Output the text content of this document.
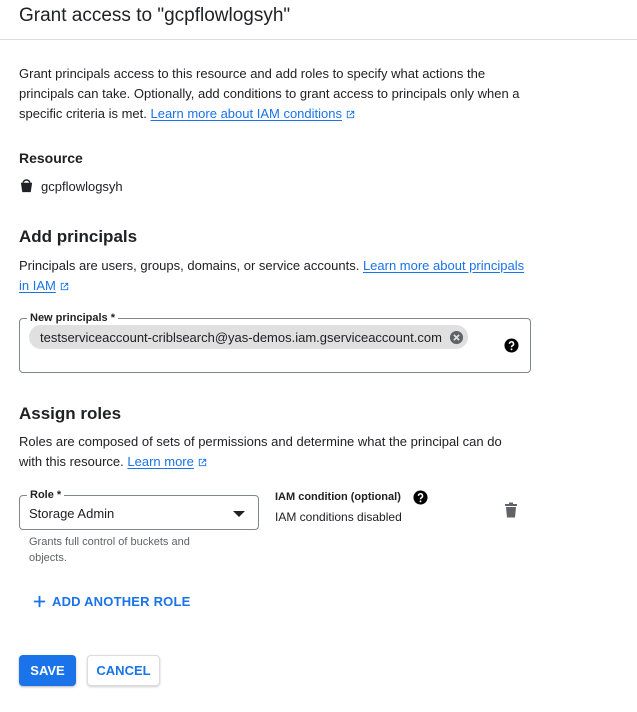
Grant access to "gcpflowlogsyh"
Grant principals access to this resource and add roles to specify what actions the principals can take. Optionally, add conditions to grant access to principals only when a specific criteria is met. Learn more about IAM conditions
Resource
gcpflowlogsyh
Add principals
Principals are users, groups, domains, or service accounts. Learn more about principals in IAM
New principals *
testserviceaccount-criblsearch@yas-demos.iam.gserviceaccount.com
Assign roles
Roles are composed of sets of permissions and determine what the principal can do with this resource. Learn more
Role *
Storage Admin
Grants full control of buckets and objects.
IAM condition (optional)
IAM conditions disabled
ADD ANOTHER ROLE
SAVE	CANCEL
